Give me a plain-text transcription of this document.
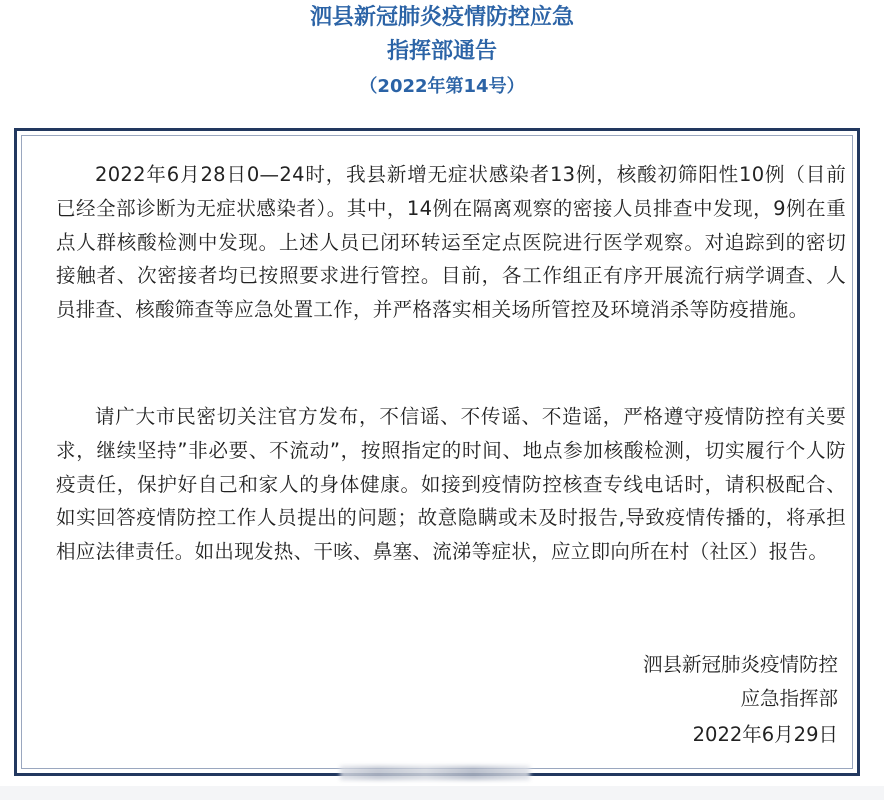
泗县新冠肺炎疫情防控应急
指挥部通告
（2022年第14号）
2022年6月28日0—24时，我县新增无症状感染者13例，核酸初筛阳性10例（目前已经全部诊断为无症状感染者）。其中，14例在隔离观察的密接人员排查中发现，9例在重点人群核酸检测中发现。上述人员已闭环转运至定点医院进行医学观察。对追踪到的密切接触者、次密接者均已按照要求进行管控。目前，各工作组正有序开展流行病学调查、人员排查、核酸筛查等应急处置工作，并严格落实相关场所管控及环境消杀等防疫措施。
请广大市民密切关注官方发布，不信谣、不传谣、不造谣，严格遵守疫情防控有关要求，继续坚持”非必要、不流动”，按照指定的时间、地点参加核酸检测，切实履行个人防疫责任，保护好自己和家人的身体健康。如接到疫情防控核查专线电话时，请积极配合、如实回答疫情防控工作人员提出的问题；故意隐瞒或未及时报告,导致疫情传播的，将承担相应法律责任。如出现发热、干咳、鼻塞、流涕等症状，应立即向所在村（社区）报告。
泗县新冠肺炎疫情防控
应急指挥部
2022年6月29日
